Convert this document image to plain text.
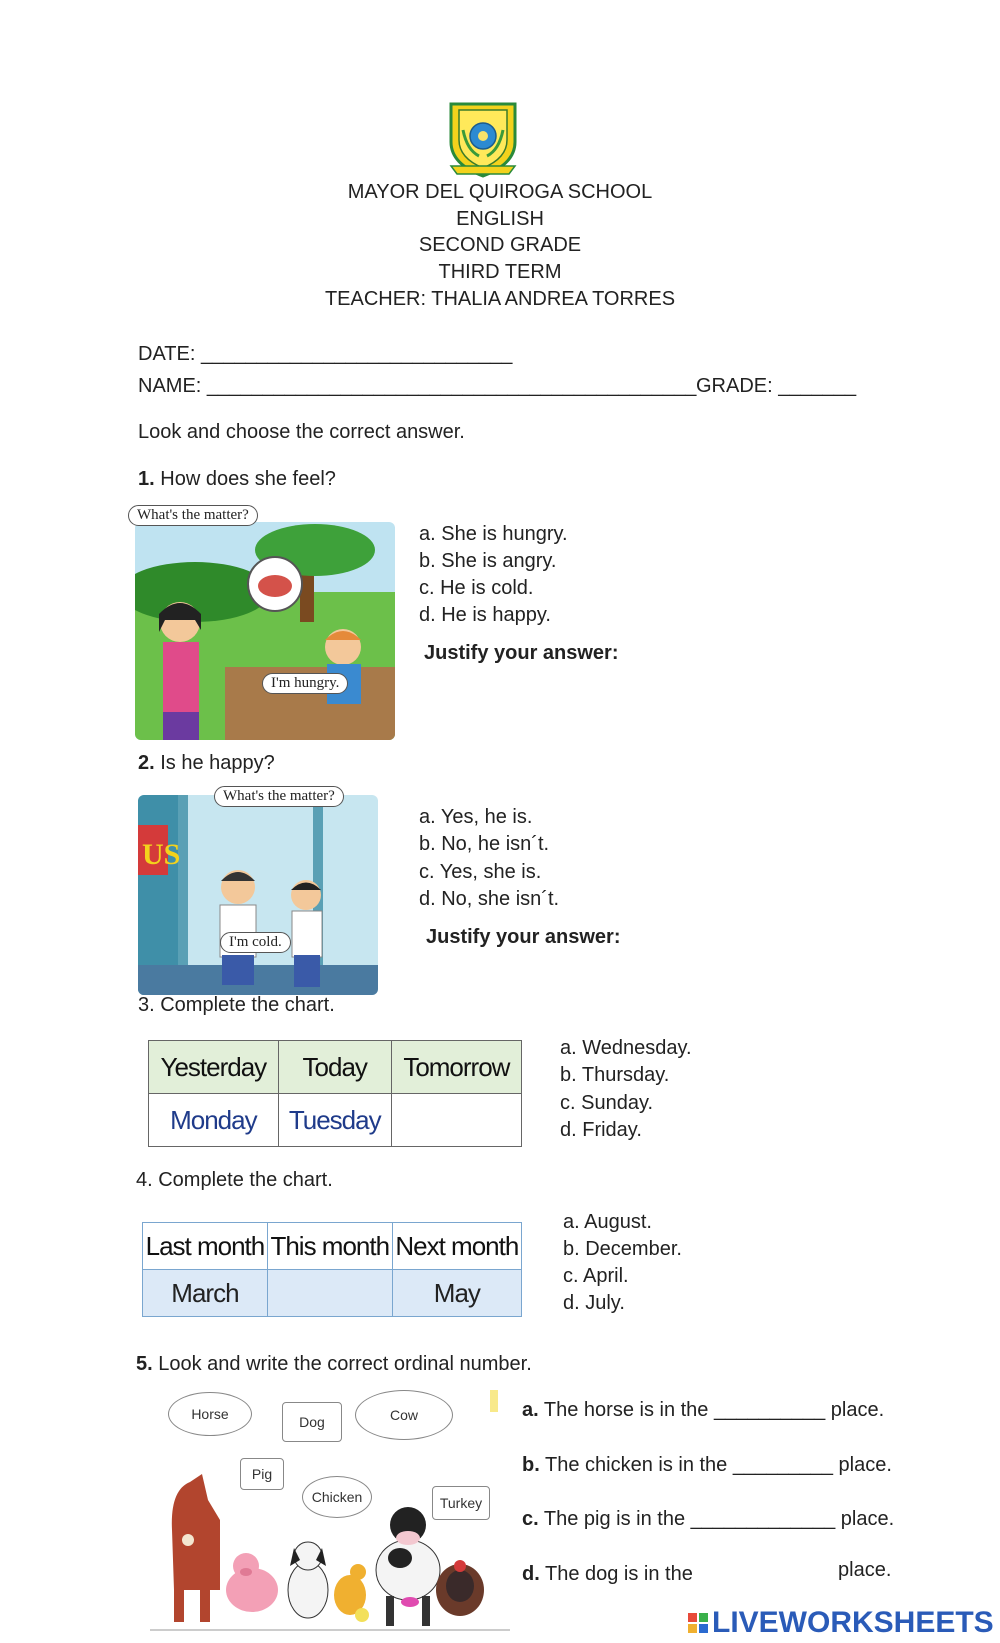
MAYOR DEL QUIROGA SCHOOL
ENGLISH
SECOND GRADE
THIRD TERM
TEACHER: THALIA ANDREA TORRES
DATE: ____________________________
NAME: ____________________________________________ GRADE: _______
Look and choose the correct answer.
1. How does she feel?
What's the matter?
I'm hungry.
a. She is hungry.
b. She is angry.
c. He is cold.
d. He is happy.
Justify your answer:
2. Is he happy?
US
What's the matter?
I'm cold.
a. Yes, he is.
b. No, he isn´t.
c. Yes, she is.
d. No, she isn´t.
Justify your answer:
3. Complete the chart.
Yesterday	Today	Tomorrow
Monday	Tuesday	
a. Wednesday.
b. Thursday.
c. Sunday.
d. Friday.
4. Complete the chart.
Last month	This month	Next month
March		May
a. August.
b. December.
c. April.
d. July.
5. Look and write the correct ordinal number.
Horse	Dog	Cow
Pig
Chicken	Turkey
a. The horse is in the __________ place.
b. The chicken is in the _________ place.
c. The pig is in the _____________ place.
d. The dog is in the	place.
LIVEWORKSHEETS
